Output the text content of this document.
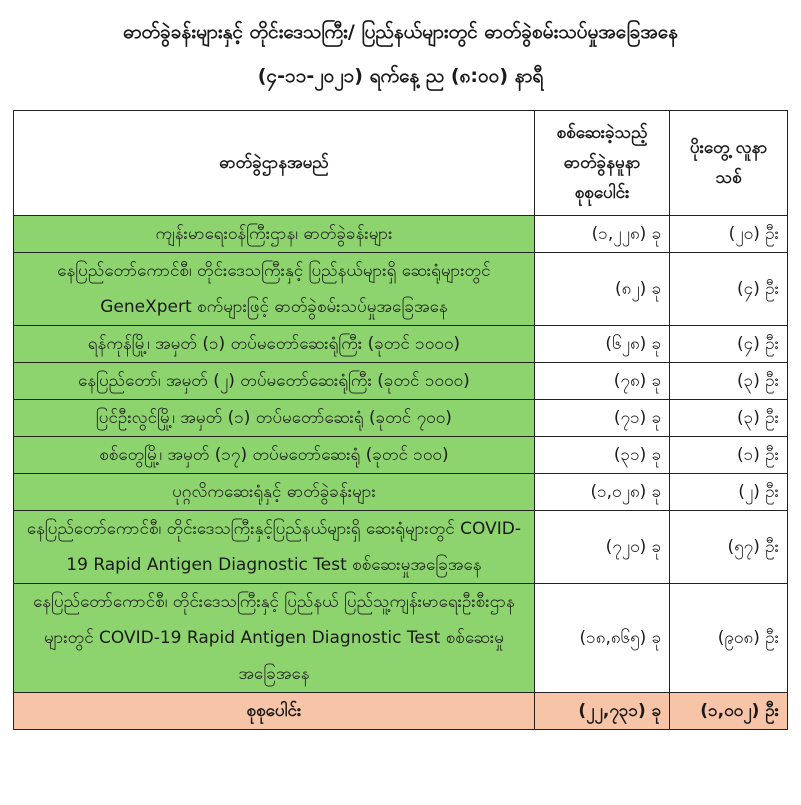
ဓာတ်ခွဲခန်းများနှင့် တိုင်းဒေသကြီး/ ပြည်နယ်များတွင် ဓာတ်ခွဲစမ်းသပ်မှုအခြေအနေ
(၄-၁၁-၂၀၂၁) ရက်နေ့ ည (၈:၀၀) နာရီ
ဓာတ်ခွဲဌာနအမည်	စစ်ဆေးခဲ့သည့် ဓာတ်ခွဲနမူနာ စုစုပေါင်း	ပိုးတွေ့ လူနာသစ်
ကျန်းမာရေးဝန်ကြီးဌာန၊ ဓာတ်ခွဲခန်းများ	(၁,၂၂၈) ခု	(၂၀) ဦး
နေပြည်တော်ကောင်စီ၊ တိုင်းဒေသကြီးနှင့် ပြည်နယ်များရှိ ဆေးရုံများတွင် GeneXpert စက်များဖြင့် ဓာတ်ခွဲစမ်းသပ်မှုအခြေအနေ	(၈၂) ခု	(၄) ဦး
ရန်ကုန်မြို့၊ အမှတ် (၁) တပ်မတော်ဆေးရုံကြီး (ခုတင် ၁၀၀၀)	(၆၂၈) ခု	(၄) ဦး
နေပြည်တော်၊ အမှတ် (၂) တပ်မတော်ဆေးရုံကြီး (ခုတင် ၁၀၀၀)	(၇၈) ခု	(၃) ဦး
ပြင်ဦးလွင်မြို့၊ အမှတ် (၁) တပ်မတော်ဆေးရုံ (ခုတင် ၇၀၀)	(၇၁) ခု	(၃) ဦး
စစ်တွေမြို့၊ အမှတ် (၁၇) တပ်မတော်ဆေးရုံ (ခုတင် ၁၀၀)	(၃၁) ခု	(၁) ဦး
ပုဂ္ဂလိကဆေးရုံနှင့် ဓာတ်ခွဲခန်းများ	(၁,၀၂၈) ခု	(၂) ဦး
နေပြည်တော်ကောင်စီ၊ တိုင်းဒေသကြီးနှင့်ပြည်နယ်များရှိ ဆေးရုံများတွင် COVID-19 Rapid Antigen Diagnostic Test စစ်ဆေးမှုအခြေအနေ	(၇၂၀) ခု	(၅၇) ဦး
နေပြည်တော်ကောင်စီ၊ တိုင်းဒေသကြီးနှင့် ပြည်နယ် ပြည်သူ့ကျန်းမာရေးဦးစီးဌာနများတွင် COVID-19 Rapid Antigen Diagnostic Test စစ်ဆေးမှုအခြေအနေ	(၁၈,၈၆၅) ခု	(၉၀၈) ဦး
စုစုပေါင်း	(၂၂,၇၃၁) ခု	(၁,၀၀၂) ဦး
